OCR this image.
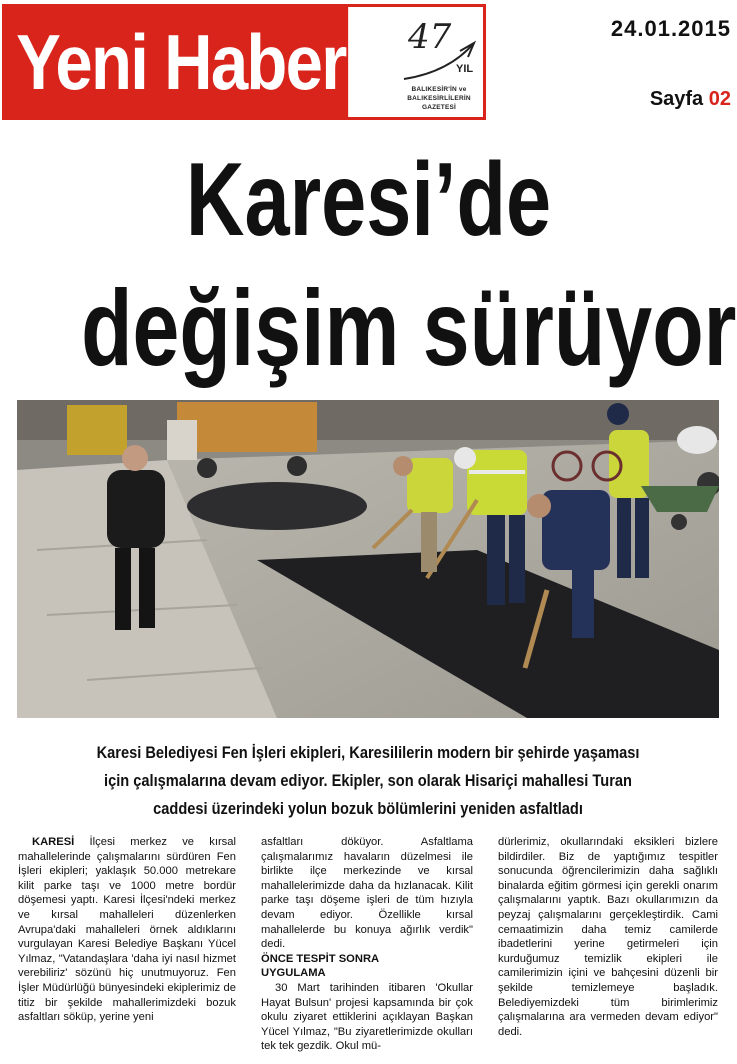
Yeni Haber 47
YIL
BALIKESİR'İN ve BALIKESİRLİLERİN GAZETESİ
24.01.2015
Sayfa 02
Karesi’de
değişim sürüyor
Karesi Belediyesi Fen İşleri ekipleri, Karesililerin modern bir şehirde yaşaması
için çalışmalarına devam ediyor. Ekipler, son olarak Hisariçi mahallesi Turan
caddesi üzerindeki yolun bozuk bölümlerini yeniden asfaltladı

KARESİ İlçesi merkez ve kırsal mahallelerinde çalışmalarını sürdüren Fen İşleri ekipleri; yaklaşık 50.000 metrekare kilit parke taşı ve 1000 metre bordür döşemesi yaptı. Karesi İlçesi'ndeki merkez ve kırsal mahalleleri düzenlerken Avrupa'daki mahalleleri örnek aldıklarını vurgulayan Karesi Belediye Başkanı Yücel Yılmaz, "Vatandaşlara 'daha iyi nasıl hizmet verebiliriz' sözünü hiç unutmuyoruz. Fen İşler Müdürlüğü bünyesindeki ekiplerimiz de titiz bir şekilde mahallerimizdeki bozuk asfaltları söküp, yerine yeni

asfaltları döküyor. Asfaltlama çalışmalarımız havaların düzelmesi ile birlikte ilçe merkezinde ve kırsal mahallelerimizde daha da hızlanacak. Kilit parke taşı döşeme işleri de tüm hızıyla devam ediyor. Özellikle kırsal mahallelerde bu konuya ağırlık verdik" dedi.

ÖNCE TESPİT SONRA

UYGULAMA

30 Mart tarihinden itibaren 'Okullar Hayat Bulsun' projesi kapsamında bir çok okulu ziyaret ettiklerini açıklayan Başkan Yücel Yılmaz, "Bu ziyaretlerimizde okulları tek tek gezdik. Okul mü-

dürlerimiz, okullarındaki eksikleri bizlere bildirdiler. Biz de yaptığımız tespitler sonucunda öğrencilerimizin daha sağlıklı binalarda eğitim görmesi için gerekli onarım çalışmalarını yaptık. Bazı okullarımızın da peyzaj çalışmalarını gerçekleştirdik. Cami cemaatimizin daha temiz camilerde ibadetlerini yerine getirmeleri için kurduğumuz temizlik ekipleri ile camilerimizin içini ve bahçesini düzenli bir şekilde temizlemeye başladık. Belediyemizdeki tüm birimlerimiz çalışmalarına ara vermeden devam ediyor" dedi.
